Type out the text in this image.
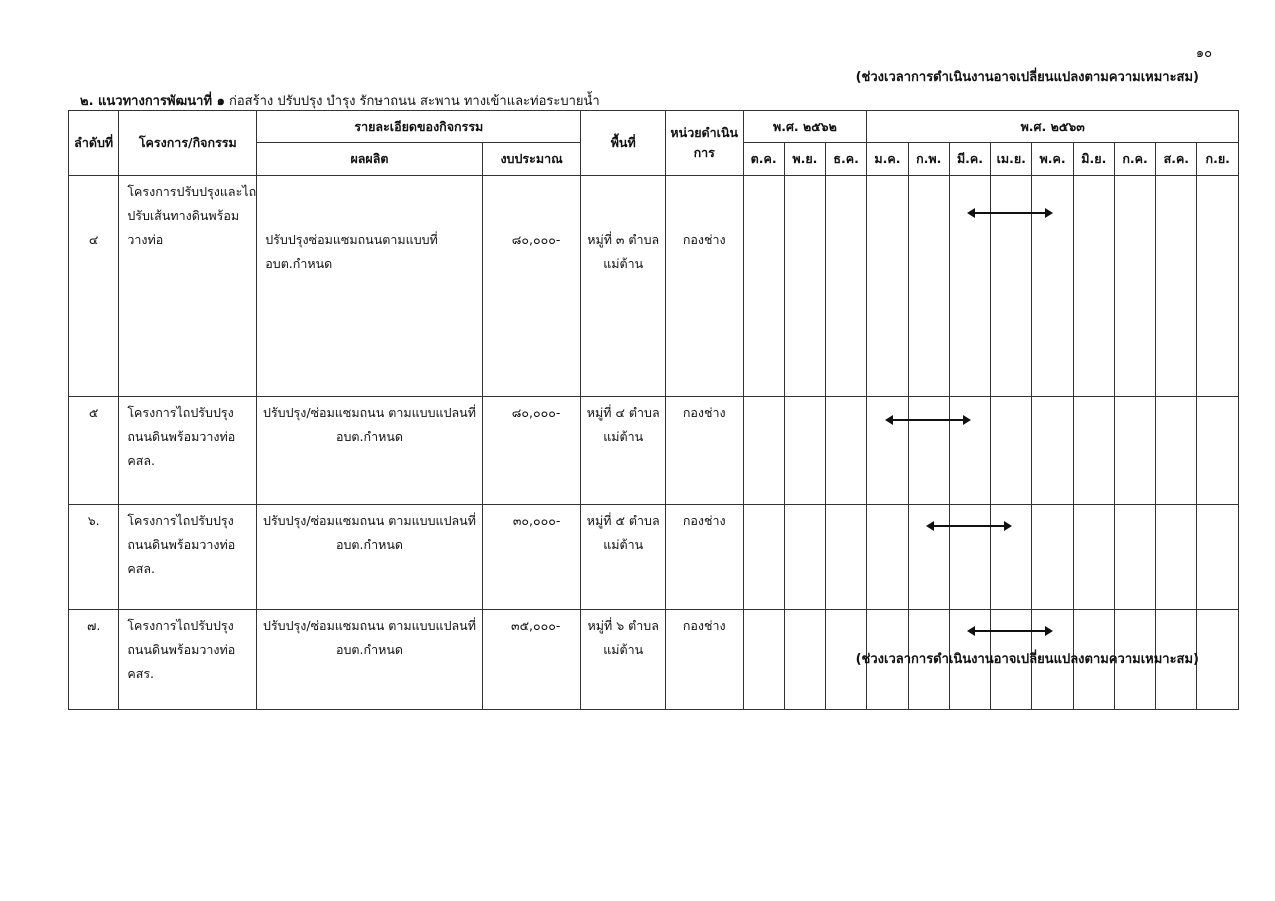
๑๐
(ช่วงเวลาการดำเนินงานอาจเปลี่ยนแปลงตามความเหมาะสม)
๒. แนวทางการพัฒนาที่ ๑ ก่อสร้าง ปรับปรุง บำรุง รักษาถนน สะพาน ทางเข้าและท่อระบายน้ำ
ลำดับที่	โครงการ/กิจกรรม	รายละเอียดของกิจกรรม		พื้นที่	หน่วยดำเนินการ	พ.ศ. ๒๕๖๒			พ.ศ. ๒๕๖๓								
		ผลผลิต	งบประมาณ			ต.ค.	พ.ย.	ธ.ค.	ม.ค.	ก.พ.	มี.ค.	เม.ย.	พ.ค.	มิ.ย.	ก.ค.	ส.ค.	ก.ย.
๔	โครงการปรับปรุงและไถปรับเส้นทางดินพร้อมวางท่อ	ปรับปรุงซ่อมแซมถนนตามแบบที่ อบต.กำหนด	๘๐,๐๐๐-	หมู่ที่ ๓ ตำบล แม่ต้าน	กองช่าง	

๕	โครงการไถปรับปรุงถนนดินพร้อมวางท่อ คสล.	ปรับปรุง/ซ่อมแซมถนน ตามแบบแปลนที่ อบต.กำหนด	๘๐,๐๐๐-	หมู่ที่ ๔ ตำบล แม่ต้าน	กองช่าง	

๖.	โครงการไถปรับปรุงถนนดินพร้อมวางท่อ คสล.	ปรับปรุง/ซ่อมแซมถนน ตามแบบแปลนที่ อบต.กำหนด	๓๐,๐๐๐-	หมู่ที่ ๕ ตำบล แม่ต้าน	กองช่าง	

๗.	โครงการไถปรับปรุงถนนดินพร้อมวางท่อ คสร.	ปรับปรุง/ซ่อมแซมถนน ตามแบบแปลนที่ อบต.กำหนด	๓๕,๐๐๐-	หมู่ที่ ๖ ตำบล แม่ต้าน	กองช่าง	

(ช่วงเวลาการดำเนินงานอาจเปลี่ยนแปลงตามความเหมาะสม)
